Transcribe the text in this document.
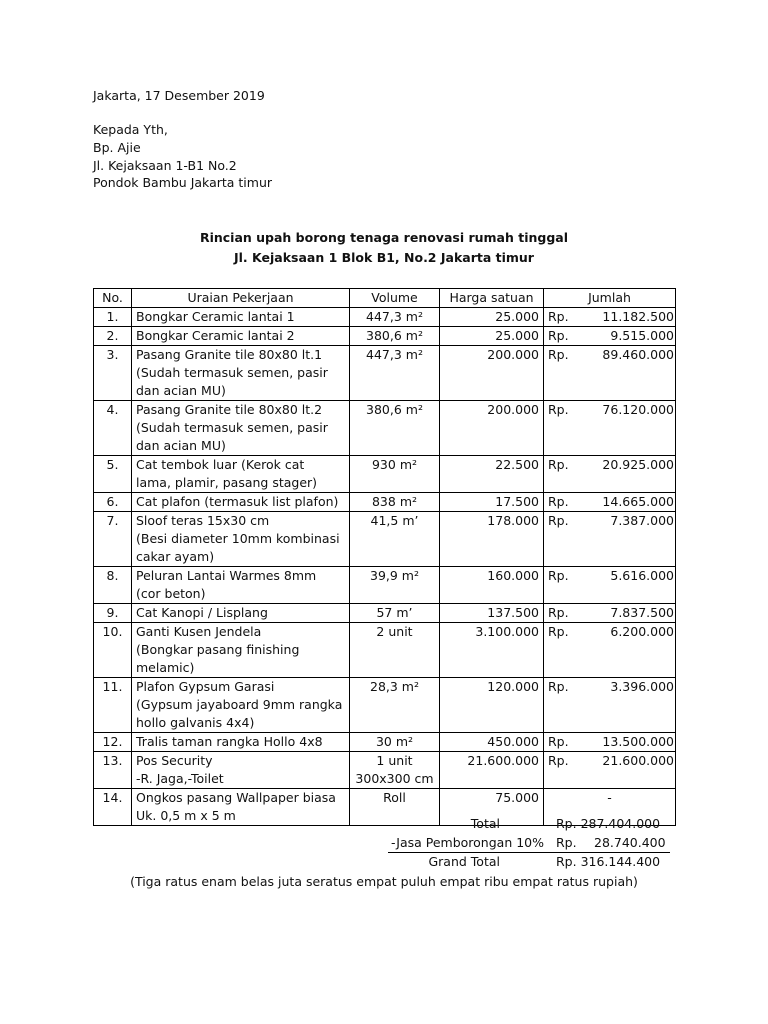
Jakarta, 17 Desember 2019
Kepada Yth,
Bp. Ajie
Jl. Kejaksaan 1-B1 No.2
Pondok Bambu Jakarta timur
Rincian upah borong tenaga renovasi rumah tinggal
Jl. Kejaksaan 1 Blok B1, No.2 Jakarta timur
No.	Uraian Pekerjaan	Volume	Harga satuan	Jumlah
1.	Bongkar Ceramic lantai 1	447,3 m²	25.000	Rp. 11.182.500
2.	Bongkar Ceramic lantai 2	380,6 m²	25.000	Rp. 9.515.000
3.	Pasang Granite tile 80x80 lt.1
(Sudah termasuk semen, pasir
dan acian MU)	447,3 m²	200.000	Rp. 89.460.000
4.	Pasang Granite tile 80x80 lt.2
(Sudah termasuk semen, pasir
dan acian MU)	380,6 m²	200.000	Rp. 76.120.000
5.	Cat tembok luar (Kerok cat
lama, plamir, pasang stager)	930 m²	22.500	Rp. 20.925.000
6.	Cat plafon (termasuk list plafon)	838 m²	17.500	Rp. 14.665.000
7.	Sloof teras 15x30 cm
(Besi diameter 10mm kombinasi
cakar ayam)	41,5 m’	178.000	Rp. 7.387.000
8.	Peluran Lantai Warmes 8mm
(cor beton)	39,9 m²	160.000	Rp. 5.616.000
9.	Cat Kanopi / Lisplang	57 m’	137.500	Rp. 7.837.500
10.	Ganti Kusen Jendela
(Bongkar pasang finishing
melamic)	2 unit	3.100.000	Rp. 6.200.000
11.	Plafon Gypsum Garasi
(Gypsum jayaboard 9mm rangka
hollo galvanis 4x4)	28,3 m²	120.000	Rp. 3.396.000
12.	Tralis taman rangka Hollo 4x8	30 m²	450.000	Rp. 13.500.000
13.	Pos Security
-R. Jaga,-Toilet	1 unit
300x300 cm	21.600.000	Rp. 21.600.000
14.	Ongkos pasang Wallpaper biasa
Uk. 0,5 m x 5 m	Roll	75.000	-
Total	Rp. 287.404.000
-Jasa Pemborongan 10% Rp. 28.740.400
Grand Total	Rp. 316.144.400
(Tiga ratus enam belas juta seratus empat puluh empat ribu empat ratus rupiah)
